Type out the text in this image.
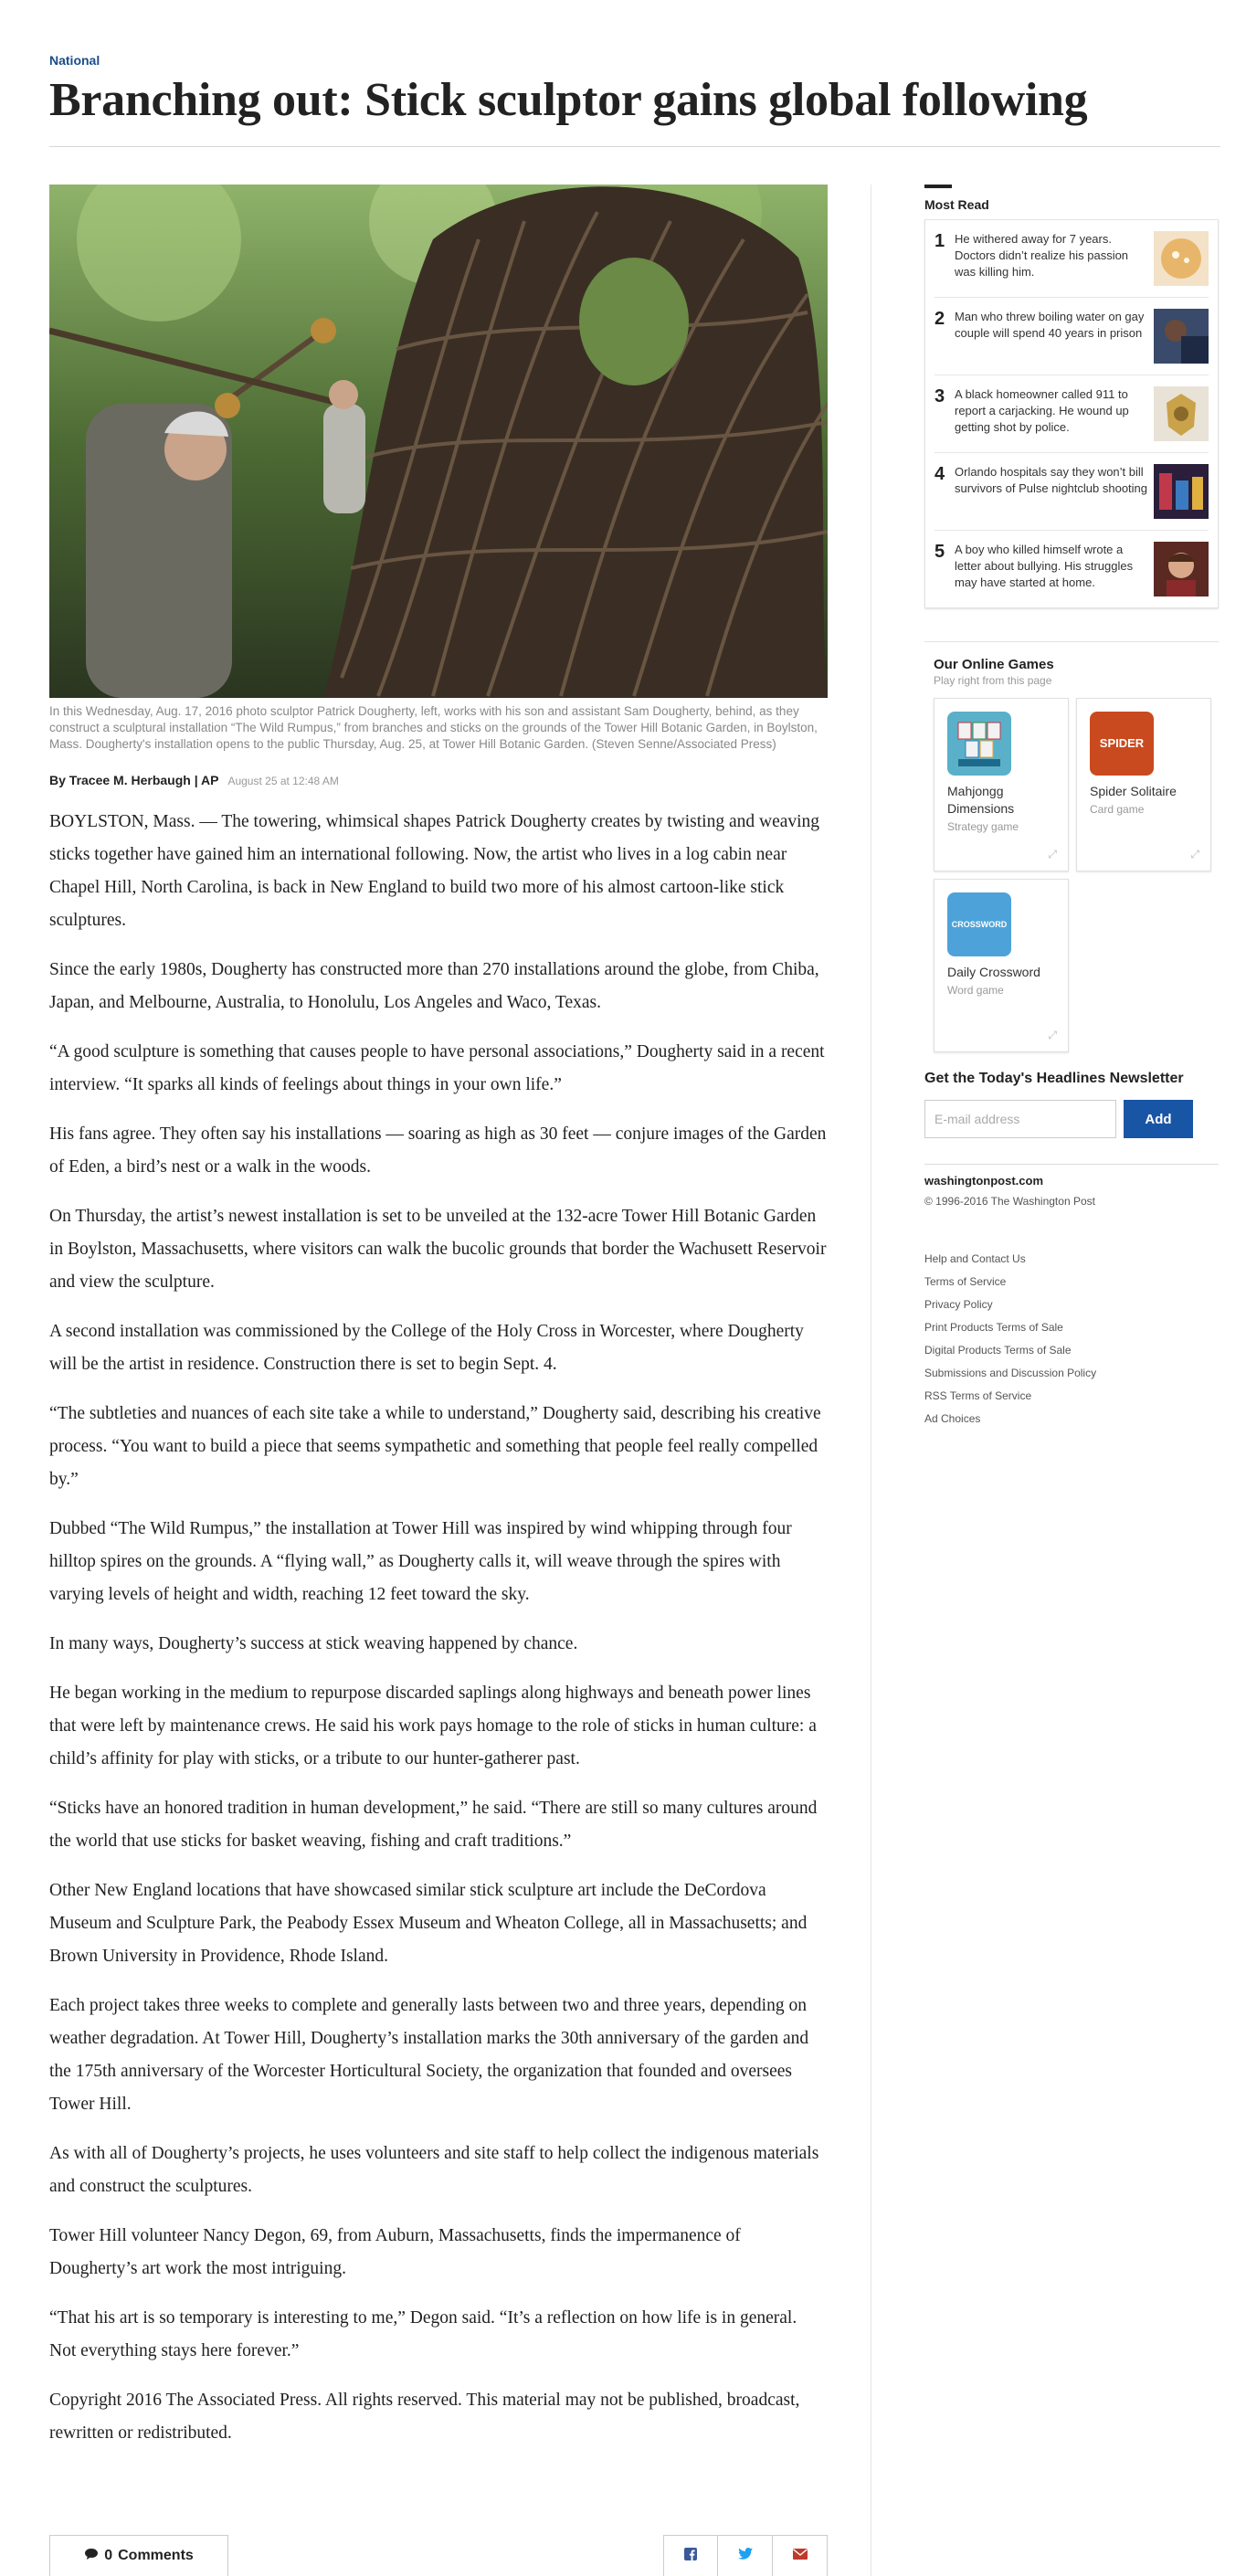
National
Branching out: Stick sculptor gains global following
In this Wednesday, Aug. 17, 2016 photo sculptor Patrick Dougherty, left, works with his son and assistant Sam Dougherty, behind, as they construct a sculptural installation “The Wild Rumpus,” from branches and sticks on the grounds of the Tower Hill Botanic Garden, in Boylston, Mass. Dougherty's installation opens to the public Thursday, Aug. 25, at Tower Hill Botanic Garden. (Steven Senne/Associated Press)
By Tracee M. Herbaugh | AP August 25 at 12:48 AM

BOYLSTON, Mass. — The towering, whimsical shapes Patrick Dougherty creates by twisting and weaving sticks together have gained him an international following. Now, the artist who lives in a log cabin near Chapel Hill, North Carolina, is back in New England to build two more of his almost cartoon-like stick sculptures.

Since the early 1980s, Dougherty has constructed more than 270 installations around the globe, from Chiba, Japan, and Melbourne, Australia, to Honolulu, Los Angeles and Waco, Texas.

“A good sculpture is something that causes people to have personal associations,” Dougherty said in a recent interview. “It sparks all kinds of feelings about things in your own life.”

His fans agree. They often say his installations — soaring as high as 30 feet — conjure images of the Garden of Eden, a bird’s nest or a walk in the woods.

On Thursday, the artist’s newest installation is set to be unveiled at the 132-acre Tower Hill Botanic Garden in Boylston, Massachusetts, where visitors can walk the bucolic grounds that border the Wachusett Reservoir and view the sculpture.

A second installation was commissioned by the College of the Holy Cross in Worcester, where Dougherty will be the artist in residence. Construction there is set to begin Sept. 4.

“The subtleties and nuances of each site take a while to understand,” Dougherty said, describing his creative process. “You want to build a piece that seems sympathetic and something that people feel really compelled by.”

Dubbed “The Wild Rumpus,” the installation at Tower Hill was inspired by wind whipping through four hilltop spires on the grounds. A “flying wall,” as Dougherty calls it, will weave through the spires with varying levels of height and width, reaching 12 feet toward the sky.

In many ways, Dougherty’s success at stick weaving happened by chance.

He began working in the medium to repurpose discarded saplings along highways and beneath power lines that were left by maintenance crews. He said his work pays homage to the role of sticks in human culture: a child’s affinity for play with sticks, or a tribute to our hunter-gatherer past.

“Sticks have an honored tradition in human development,” he said. “There are still so many cultures around the world that use sticks for basket weaving, fishing and craft traditions.”

Other New England locations that have showcased similar stick sculpture art include the DeCordova Museum and Sculpture Park, the Peabody Essex Museum and Wheaton College, all in Massachusetts; and Brown University in Providence, Rhode Island.

Each project takes three weeks to complete and generally lasts between two and three years, depending on weather degradation. At Tower Hill, Dougherty’s installation marks the 30th anniversary of the garden and the 175th anniversary of the Worcester Horticultural Society, the organization that founded and oversees Tower Hill.

As with all of Dougherty’s projects, he uses volunteers and site staff to help collect the indigenous materials and construct the sculptures.

Tower Hill volunteer Nancy Degon, 69, from Auburn, Massachusetts, finds the impermanence of Dougherty’s art work the most intriguing.

“That his art is so temporary is interesting to me,” Degon said. “It’s a reflection on how life is in general. Not everything stays here forever.”

Copyright 2016 The Associated Press. All rights reserved. This material may not be published, broadcast, rewritten or redistributed.

0 Comments
Most Read
1 He withered away for 7 years. Doctors didn’t realize his passion was killing him.
2 Man who threw boiling water on gay couple will spend 40 years in prison
3 A black homeowner called 911 to report a carjacking. He wound up getting shot by police.
4 Orlando hospitals say they won’t bill survivors of Pulse nightclub shooting
5 A boy who killed himself wrote a letter about bullying. His struggles may have started at home.
Our Online Games
Play right from this page
Mahjongg Dimensions
Strategy game
⤢
SPIDER
Spider Solitaire
Card game
⤢
CROSSWORD
Daily Crossword
Word game
⤢
Get the Today's Headlines Newsletter
E-mail address
Add
washingtonpost.com
© 1996-2016 The Washington Post
Help and Contact Us
Terms of Service
Privacy Policy
Print Products Terms of Sale
Digital Products Terms of Sale
Submissions and Discussion Policy
RSS Terms of Service
Ad Choices
